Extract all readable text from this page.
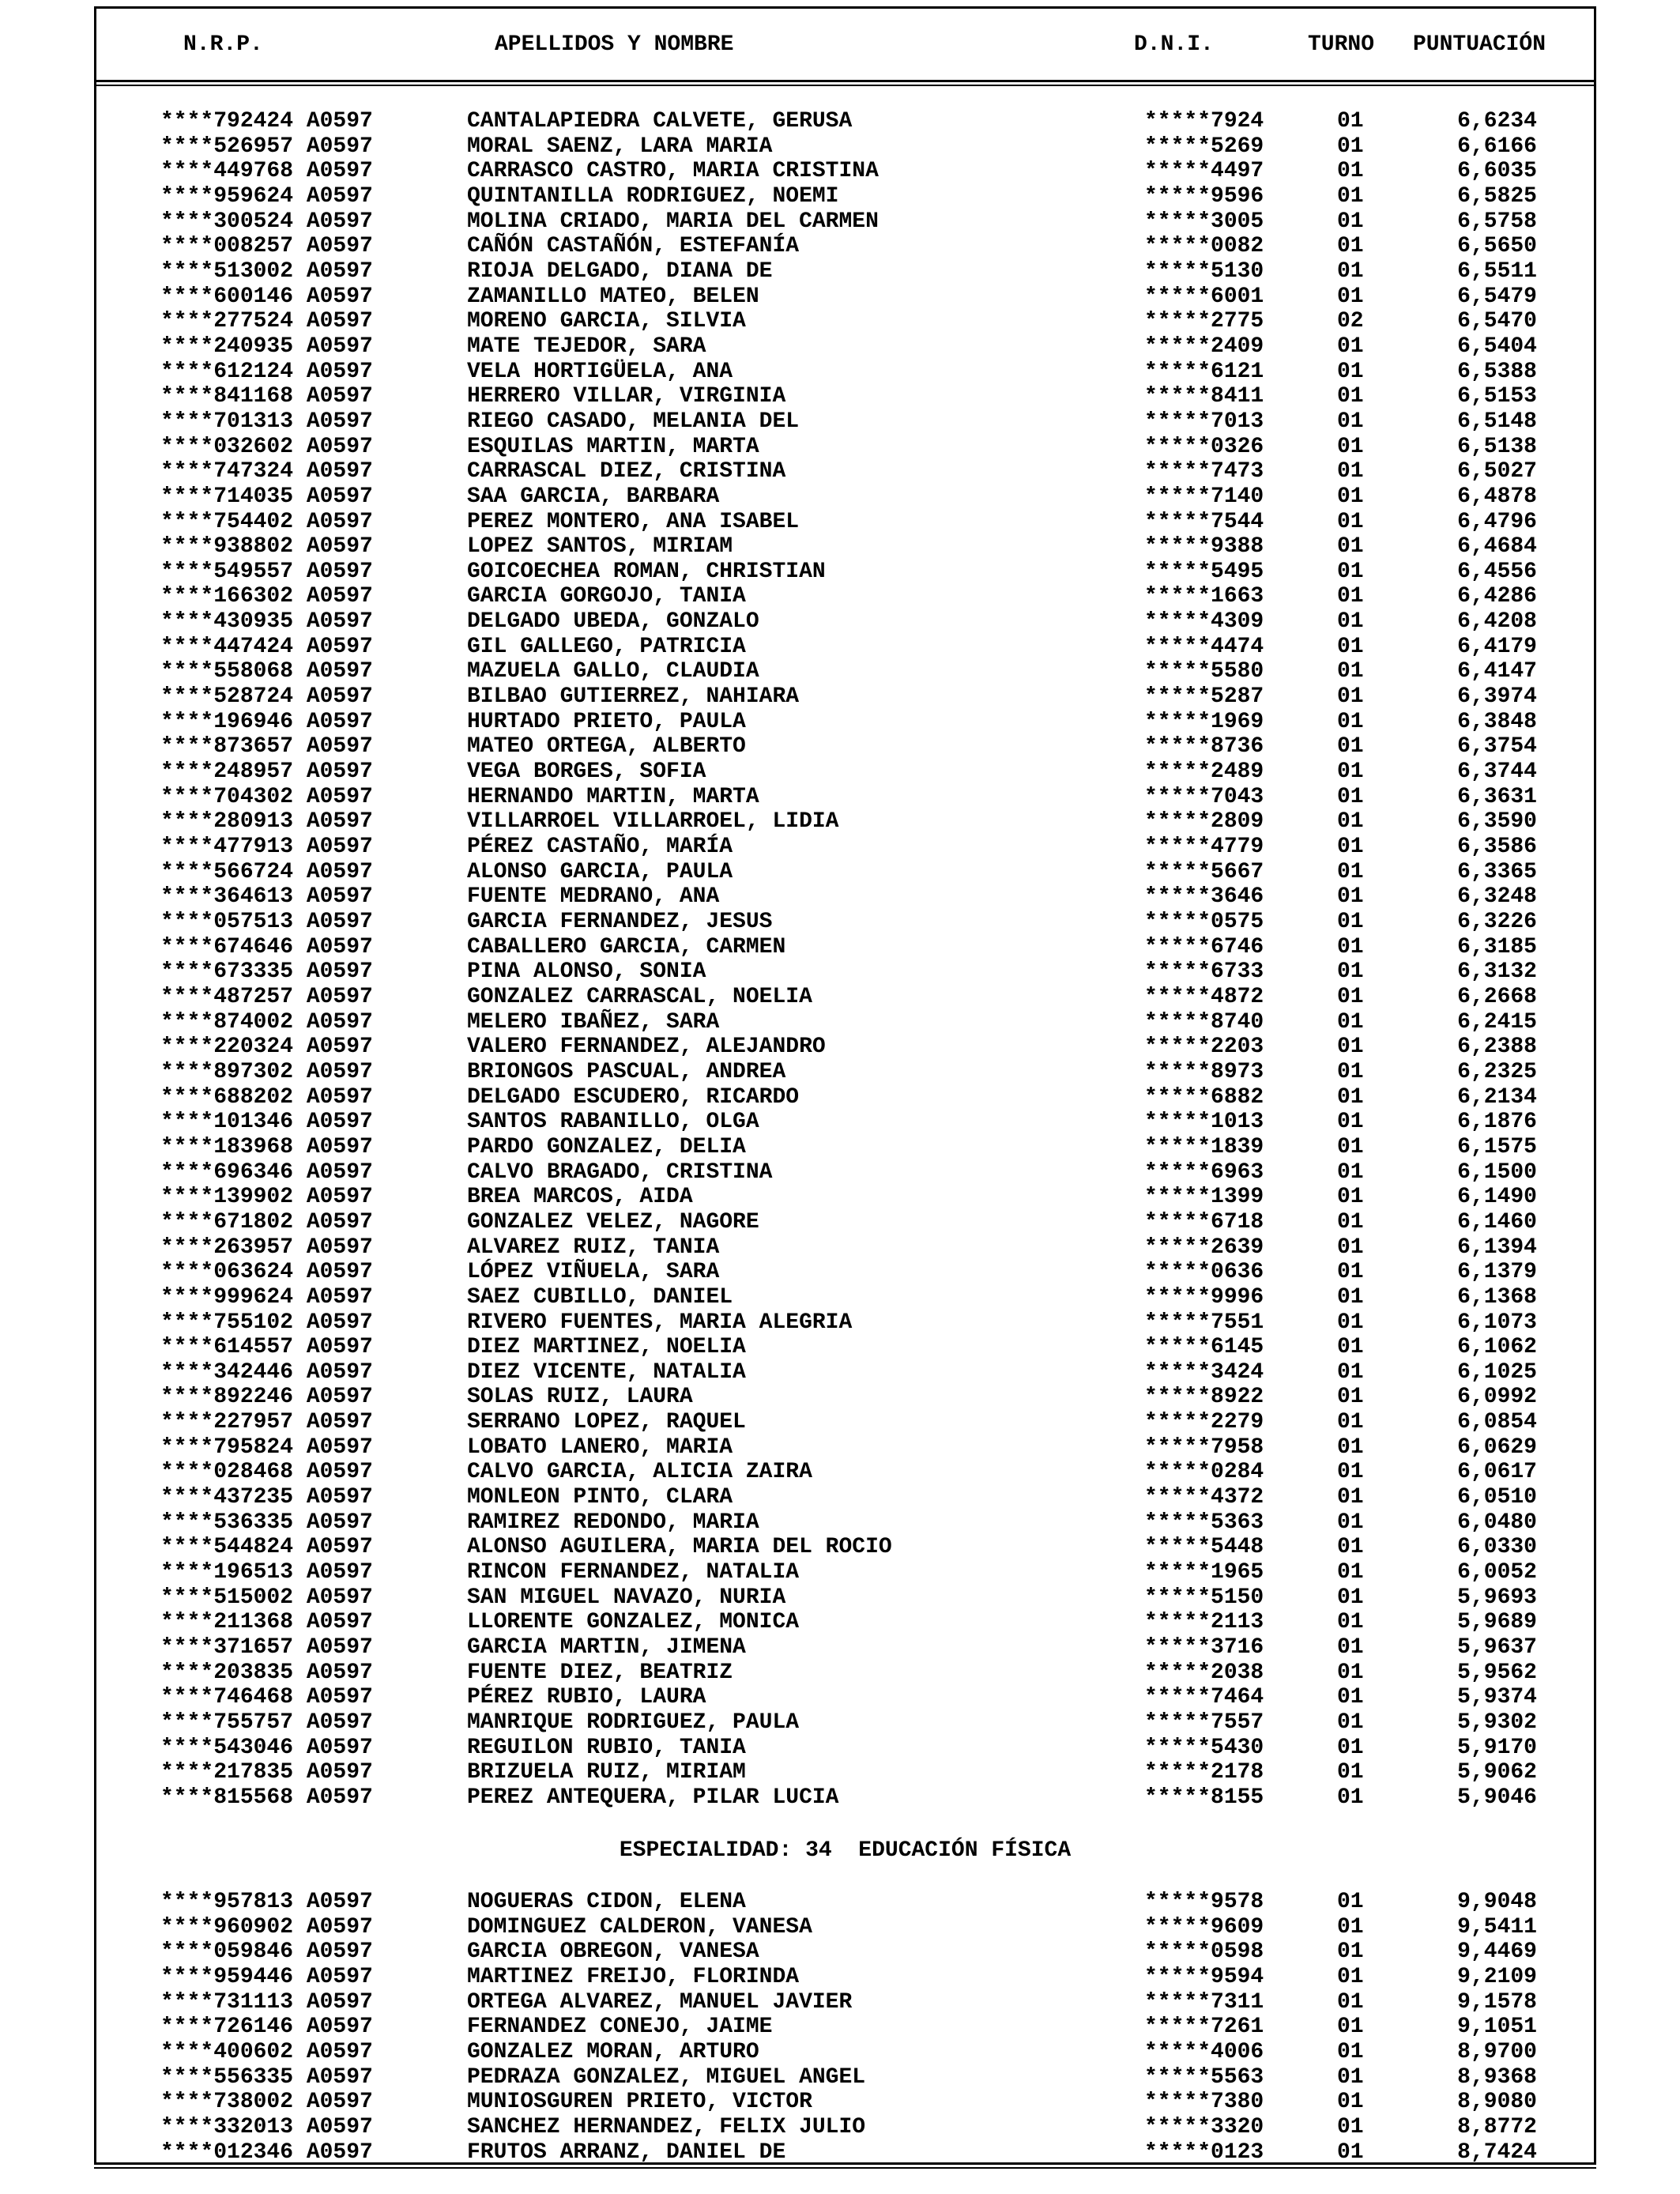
N.R.P.	APELLIDOS Y NOMBRE	D.N.I.	TURNO PUNTUACIÓN
****792424 A0597	CANTALAPIEDRA CALVETE, GERUSA	*****7924	01	6,6234
****526957 A0597	MORAL SAENZ, LARA MARIA	*****5269	01	6,6166
****449768 A0597	CARRASCO CASTRO, MARIA CRISTINA	*****4497	01	6,6035
****959624 A0597	QUINTANILLA RODRIGUEZ, NOEMI	*****9596	01	6,5825
****300524 A0597	MOLINA CRIADO, MARIA DEL CARMEN	*****3005	01	6,5758
****008257 A0597	CAÑÓN CASTAÑÓN, ESTEFANÍA	*****0082	01	6,5650
****513002 A0597	RIOJA DELGADO, DIANA DE	*****5130	01	6,5511
****600146 A0597	ZAMANILLO MATEO, BELEN	*****6001	01	6,5479
****277524 A0597	MORENO GARCIA, SILVIA	*****2775	02	6,5470
****240935 A0597	MATE TEJEDOR, SARA	*****2409	01	6,5404
****612124 A0597	VELA HORTIGÜELA, ANA	*****6121	01	6,5388
****841168 A0597	HERRERO VILLAR, VIRGINIA	*****8411	01	6,5153
****701313 A0597	RIEGO CASADO, MELANIA DEL	*****7013	01	6,5148
****032602 A0597	ESQUILAS MARTIN, MARTA	*****0326	01	6,5138
****747324 A0597	CARRASCAL DIEZ, CRISTINA	*****7473	01	6,5027
****714035 A0597	SAA GARCIA, BARBARA	*****7140	01	6,4878
****754402 A0597	PEREZ MONTERO, ANA ISABEL	*****7544	01	6,4796
****938802 A0597	LOPEZ SANTOS, MIRIAM	*****9388	01	6,4684
****549557 A0597	GOICOECHEA ROMAN, CHRISTIAN	*****5495	01	6,4556
****166302 A0597	GARCIA GORGOJO, TANIA	*****1663	01	6,4286
****430935 A0597	DELGADO UBEDA, GONZALO	*****4309	01	6,4208
****447424 A0597	GIL GALLEGO, PATRICIA	*****4474	01	6,4179
****558068 A0597	MAZUELA GALLO, CLAUDIA	*****5580	01	6,4147
****528724 A0597	BILBAO GUTIERREZ, NAHIARA	*****5287	01	6,3974
****196946 A0597	HURTADO PRIETO, PAULA	*****1969	01	6,3848
****873657 A0597	MATEO ORTEGA, ALBERTO	*****8736	01	6,3754
****248957 A0597	VEGA BORGES, SOFIA	*****2489	01	6,3744
****704302 A0597	HERNANDO MARTIN, MARTA	*****7043	01	6,3631
****280913 A0597	VILLARROEL VILLARROEL, LIDIA	*****2809	01	6,3590
****477913 A0597	PÉREZ CASTAÑO, MARÍA	*****4779	01	6,3586
****566724 A0597	ALONSO GARCIA, PAULA	*****5667	01	6,3365
****364613 A0597	FUENTE MEDRANO, ANA	*****3646	01	6,3248
****057513 A0597	GARCIA FERNANDEZ, JESUS	*****0575	01	6,3226
****674646 A0597	CABALLERO GARCIA, CARMEN	*****6746	01	6,3185
****673335 A0597	PINA ALONSO, SONIA	*****6733	01	6,3132
****487257 A0597	GONZALEZ CARRASCAL, NOELIA	*****4872	01	6,2668
****874002 A0597	MELERO IBAÑEZ, SARA	*****8740	01	6,2415
****220324 A0597	VALERO FERNANDEZ, ALEJANDRO	*****2203	01	6,2388
****897302 A0597	BRIONGOS PASCUAL, ANDREA	*****8973	01	6,2325
****688202 A0597	DELGADO ESCUDERO, RICARDO	*****6882	01	6,2134
****101346 A0597	SANTOS RABANILLO, OLGA	*****1013	01	6,1876
****183968 A0597	PARDO GONZALEZ, DELIA	*****1839	01	6,1575
****696346 A0597	CALVO BRAGADO, CRISTINA	*****6963	01	6,1500
****139902 A0597	BREA MARCOS, AIDA	*****1399	01	6,1490
****671802 A0597	GONZALEZ VELEZ, NAGORE	*****6718	01	6,1460
****263957 A0597	ALVAREZ RUIZ, TANIA	*****2639	01	6,1394
****063624 A0597	LÓPEZ VIÑUELA, SARA	*****0636	01	6,1379
****999624 A0597	SAEZ CUBILLO, DANIEL	*****9996	01	6,1368
****755102 A0597	RIVERO FUENTES, MARIA ALEGRIA	*****7551	01	6,1073
****614557 A0597	DIEZ MARTINEZ, NOELIA	*****6145	01	6,1062
****342446 A0597	DIEZ VICENTE, NATALIA	*****3424	01	6,1025
****892246 A0597	SOLAS RUIZ, LAURA	*****8922	01	6,0992
****227957 A0597	SERRANO LOPEZ, RAQUEL	*****2279	01	6,0854
****795824 A0597	LOBATO LANERO, MARIA	*****7958	01	6,0629
****028468 A0597	CALVO GARCIA, ALICIA ZAIRA	*****0284	01	6,0617
****437235 A0597	MONLEON PINTO, CLARA	*****4372	01	6,0510
****536335 A0597	RAMIREZ REDONDO, MARIA	*****5363	01	6,0480
****544824 A0597	ALONSO AGUILERA, MARIA DEL ROCIO	*****5448	01	6,0330
****196513 A0597	RINCON FERNANDEZ, NATALIA	*****1965	01	6,0052
****515002 A0597	SAN MIGUEL NAVAZO, NURIA	*****5150	01	5,9693
****211368 A0597	LLORENTE GONZALEZ, MONICA	*****2113	01	5,9689
****371657 A0597	GARCIA MARTIN, JIMENA	*****3716	01	5,9637
****203835 A0597	FUENTE DIEZ, BEATRIZ	*****2038	01	5,9562
****746468 A0597	PÉREZ RUBIO, LAURA	*****7464	01	5,9374
****755757 A0597	MANRIQUE RODRIGUEZ, PAULA	*****7557	01	5,9302
****543046 A0597	REGUILON RUBIO, TANIA	*****5430	01	5,9170
****217835 A0597	BRIZUELA RUIZ, MIRIAM	*****2178	01	5,9062
****815568 A0597	PEREZ ANTEQUERA, PILAR LUCIA	*****8155	01	5,9046
ESPECIALIDAD: 34  EDUCACIÓN FÍSICA
****957813 A0597	NOGUERAS CIDON, ELENA	*****9578	01	9,9048
****960902 A0597	DOMINGUEZ CALDERON, VANESA	*****9609	01	9,5411
****059846 A0597	GARCIA OBREGON, VANESA	*****0598	01	9,4469
****959446 A0597	MARTINEZ FREIJO, FLORINDA	*****9594	01	9,2109
****731113 A0597	ORTEGA ALVAREZ, MANUEL JAVIER	*****7311	01	9,1578
****726146 A0597	FERNANDEZ CONEJO, JAIME	*****7261	01	9,1051
****400602 A0597	GONZALEZ MORAN, ARTURO	*****4006	01	8,9700
****556335 A0597	PEDRAZA GONZALEZ, MIGUEL ANGEL	*****5563	01	8,9368
****738002 A0597	MUNIOSGUREN PRIETO, VICTOR	*****7380	01	8,9080
****332013 A0597	SANCHEZ HERNANDEZ, FELIX JULIO	*****3320	01	8,8772
****012346 A0597	FRUTOS ARRANZ, DANIEL DE	*****0123	01	8,7424
